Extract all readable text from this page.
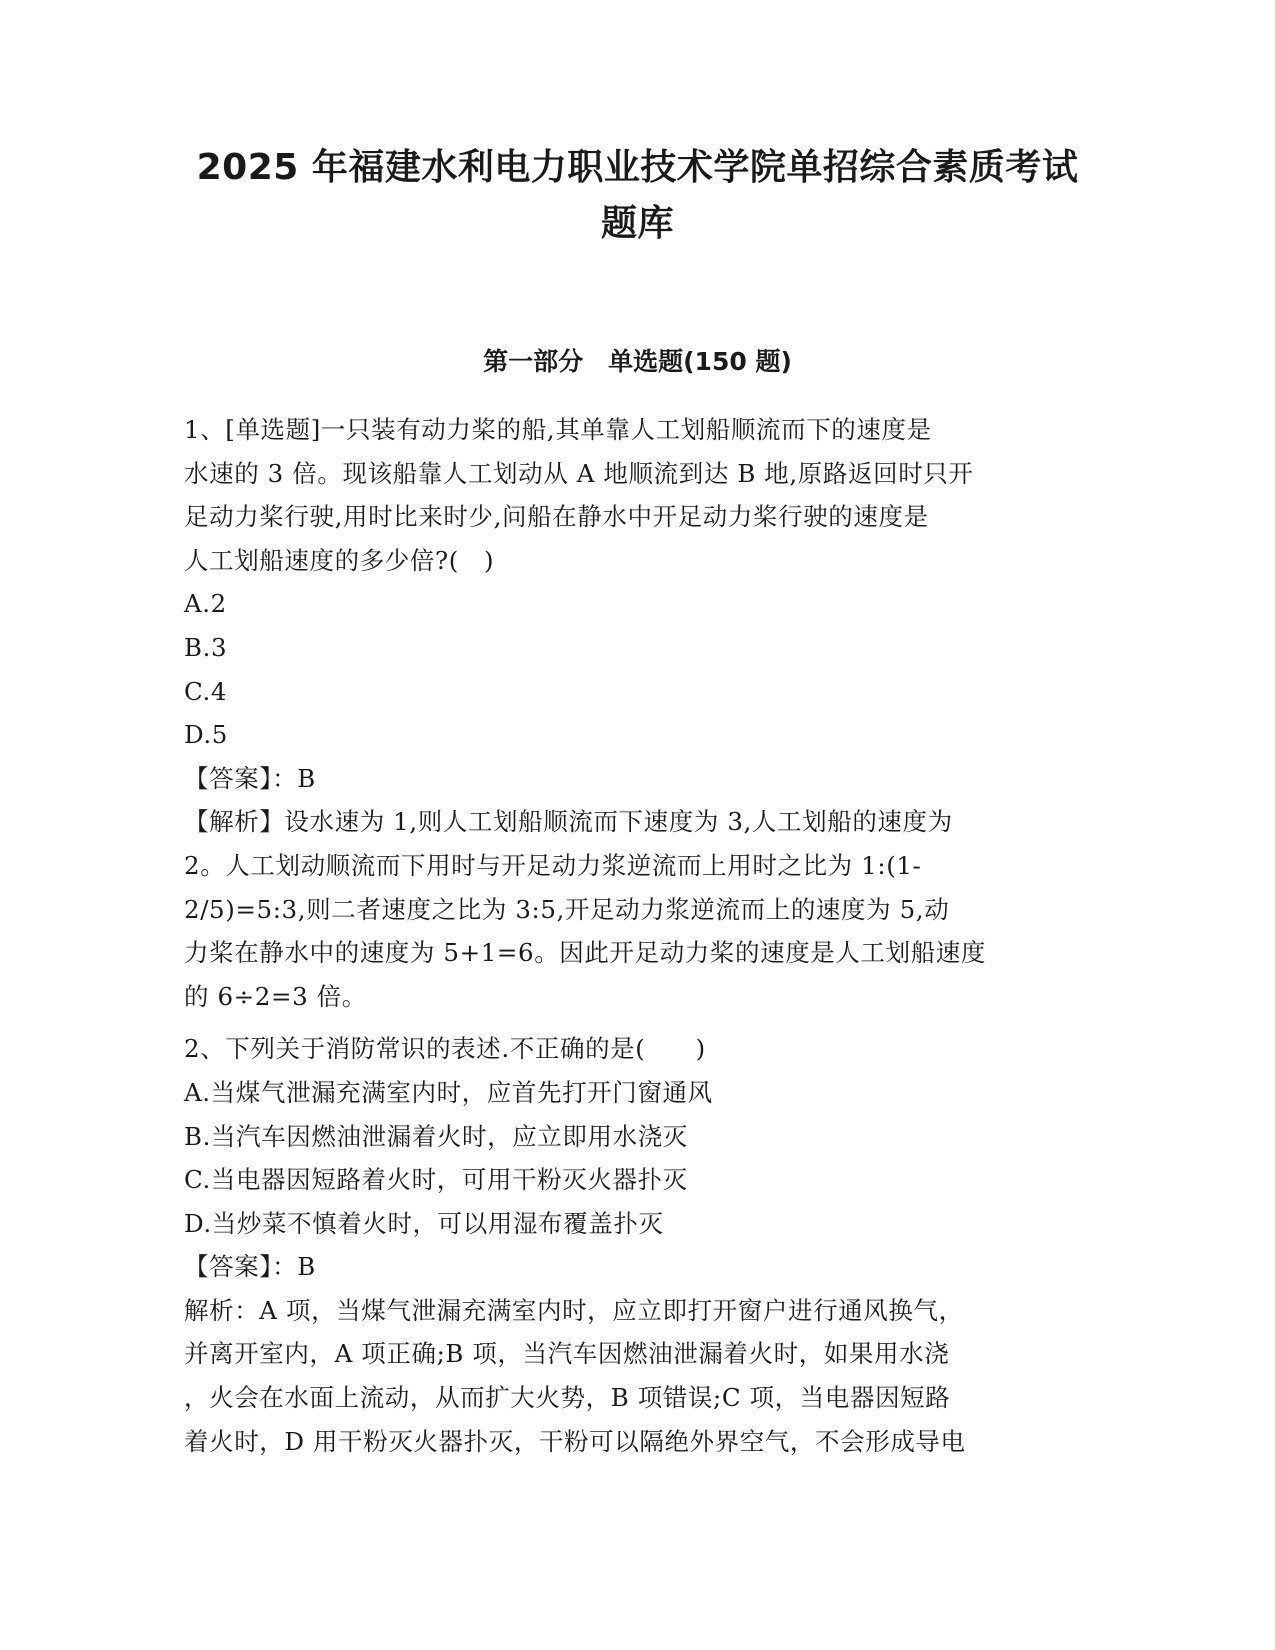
2025 年福建水利电力职业技术学院单招综合素质考试
题库
第一部分　单选题(150 题)
1、[单选题]一只装有动力桨的船,其单靠人工划船顺流而下的速度是
水速的 3 倍。现该船靠人工划动从 A 地顺流到达 B 地,原路返回时只开
足动力桨行驶,用时比来时少,问船在静水中开足动力桨行驶的速度是
人工划船速度的多少倍?(　)
A.2
B.3
C.4
D.5
【答案】：B
【解析】设水速为 1,则人工划船顺流而下速度为 3,人工划船的速度为
2。人工划动顺流而下用时与开足动力浆逆流而上用时之比为 1:(1-
2/5)=5:3,则二者速度之比为 3:5,开足动力浆逆流而上的速度为 5,动
力桨在静水中的速度为 5+1=6。因此开足动力桨的速度是人工划船速度
的 6÷2=3 倍。
2、下列关于消防常识的表述.不正确的是(　　)
A.当煤气泄漏充满室内时，应首先打开门窗通风
B.当汽车因燃油泄漏着火时，应立即用水浇灭
C.当电器因短路着火时，可用干粉灭火器扑灭
D.当炒菜不慎着火时，可以用湿布覆盖扑灭
【答案】：B
解析：A 项，当煤气泄漏充满室内时，应立即打开窗户进行通风换气，
并离开室内，A 项正确;B 项，当汽车因燃油泄漏着火时，如果用水浇
，火会在水面上流动，从而扩大火势，B 项错误;C 项，当电器因短路
着火时，D 用干粉灭火器扑灭，干粉可以隔绝外界空气，不会形成导电
